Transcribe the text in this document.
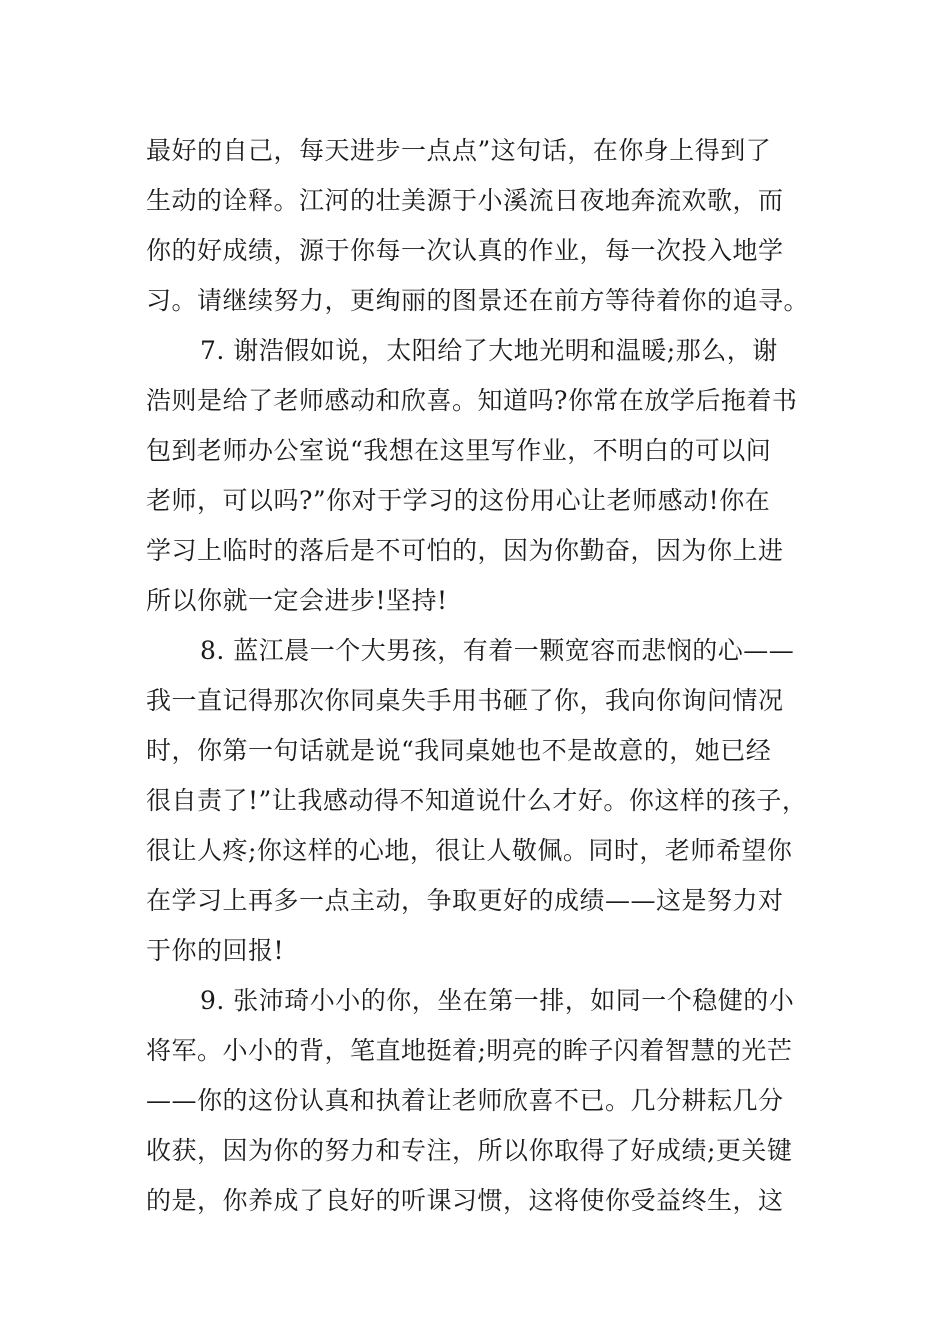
最好的自己，每天进步一点点”这句话，在你身上得到了
生动的诠释。江河的壮美源于小溪流日夜地奔流欢歌，而
你的好成绩，源于你每一次认真的作业，每一次投入地学
习。请继续努力，更绚丽的图景还在前方等待着你的追寻。
7. 谢浩假如说，太阳给了大地光明和温暖;那么，谢
浩则是给了老师感动和欣喜。知道吗?你常在放学后拖着书
包到老师办公室说“我想在这里写作业，不明白的可以问
老师，可以吗?”你对于学习的这份用心让老师感动!你在
学习上临时的落后是不可怕的，因为你勤奋，因为你上进
所以你就一定会进步!坚持!
8. 蓝江晨一个大男孩，有着一颗宽容而悲悯的心——
我一直记得那次你同桌失手用书砸了你，我向你询问情况
时，你第一句话就是说“我同桌她也不是故意的，她已经
很自责了!”让我感动得不知道说什么才好。你这样的孩子，
很让人疼;你这样的心地，很让人敬佩。同时，老师希望你
在学习上再多一点主动，争取更好的成绩——这是努力对
于你的回报!
9. 张沛琦小小的你，坐在第一排，如同一个稳健的小
将军。小小的背，笔直地挺着;明亮的眸子闪着智慧的光芒
——你的这份认真和执着让老师欣喜不已。几分耕耘几分
收获，因为你的努力和专注，所以你取得了好成绩;更关键
的是，你养成了良好的听课习惯，这将使你受益终生，这
